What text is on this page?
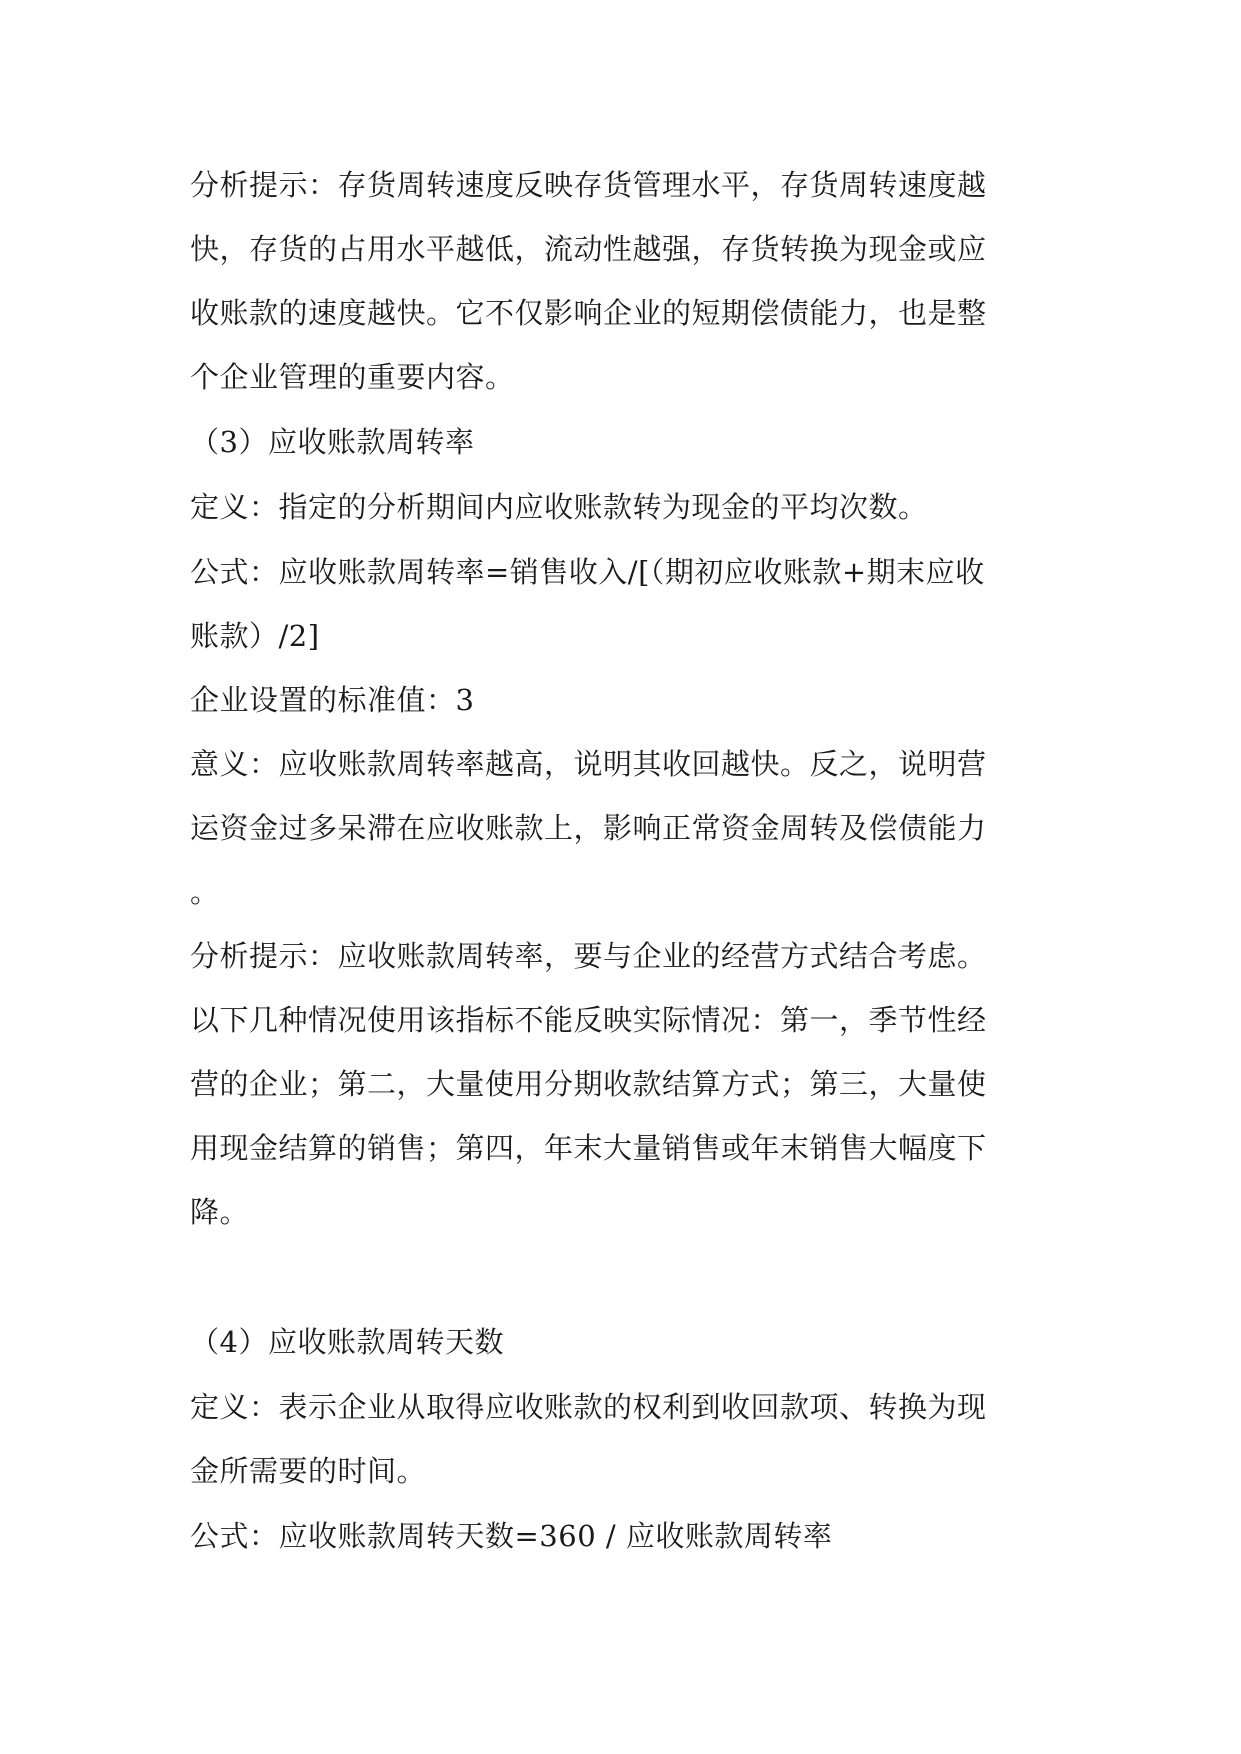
分析提示：存货周转速度反映存货管理水平，存货周转速度越
快，存货的占用水平越低，流动性越强，存货转换为现金或应
收账款的速度越快。它不仅影响企业的短期偿债能力，也是整
个企业管理的重要内容。
（3）应收账款周转率
定义：指定的分析期间内应收账款转为现金的平均次数。
公式：应收账款周转率=销售收入/[（期初应收账款+期末应收
账款）/2]
企业设置的标准值：3
意义：应收账款周转率越高，说明其收回越快。反之，说明营
运资金过多呆滞在应收账款上，影响正常资金周转及偿债能力
。
分析提示：应收账款周转率，要与企业的经营方式结合考虑。
以下几种情况使用该指标不能反映实际情况：第一，季节性经
营的企业；第二，大量使用分期收款结算方式；第三，大量使
用现金结算的销售；第四，年末大量销售或年末销售大幅度下
降。
（4）应收账款周转天数
定义：表示企业从取得应收账款的权利到收回款项、转换为现
金所需要的时间。
公式：应收账款周转天数=360 / 应收账款周转率
